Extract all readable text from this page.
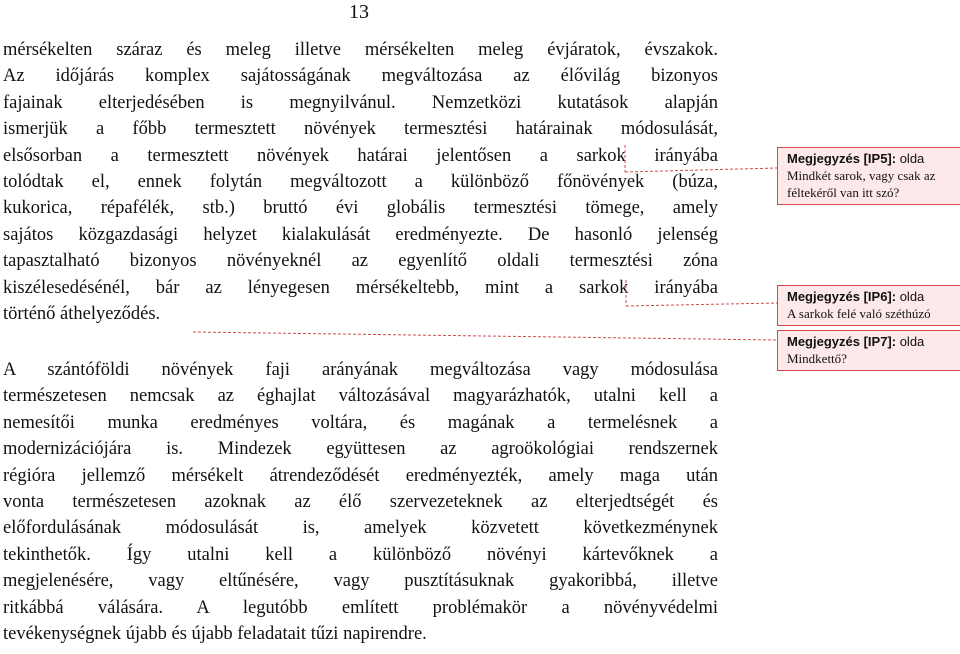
13
mérsékelten száraz és meleg illetve mérsékelten meleg évjáratok, évszakok.
Az időjárás komplex sajátosságának megváltozása az élővilág bizonyos
fajainak elterjedésében is megnyilvánul. Nemzetközi kutatások alapján
ismerjük a főbb termesztett növények termesztési határainak módosulását,
elsősorban a termesztett növények határai jelentősen a sarkok irányába
tolódtak el, ennek folytán megváltozott a különböző főnövények (búza,
kukorica, répafélék, stb.) bruttó évi globális termesztési tömege, amely
sajátos közgazdasági helyzet kialakulását eredményezte. De hasonló jelenség
tapasztalható bizonyos növényeknél az egyenlítő oldali termesztési zóna
kiszélesedésénél, bár az lényegesen mérsékeltebb, mint a sarkok irányába
történő áthelyeződés.
A szántóföldi növények faji arányának megváltozása vagy módosulása
természetesen nemcsak az éghajlat változásával magyarázhatók, utalni kell a
nemesítői munka eredményes voltára, és magának a termelésnek a
modernizációjára is. Mindezek együttesen az agroökológiai rendszernek
régióra jellemző mérsékelt átrendeződését eredményezték, amely maga után
vonta természetesen azoknak az élő szervezeteknek az elterjedtségét és
előfordulásának módosulását is, amelyek közvetett következménynek
tekinthetők. Így utalni kell a különböző növényi kártevőknek a
megjelenésére, vagy eltűnésére, vagy pusztításuknak gyakoribbá, illetve
ritkábbá válására. A legutóbb említett problémakör a növényvédelmi
tevékenységnek újabb és újabb feladatait tűzi napirendre.
Megjegyzés [IP5]: olda
Mindkét sarok, vagy csak az
féltekéről van itt szó?
Megjegyzés [IP6]: olda
A sarkok felé való széthúzó
Megjegyzés [IP7]: olda
Mindkettő?
